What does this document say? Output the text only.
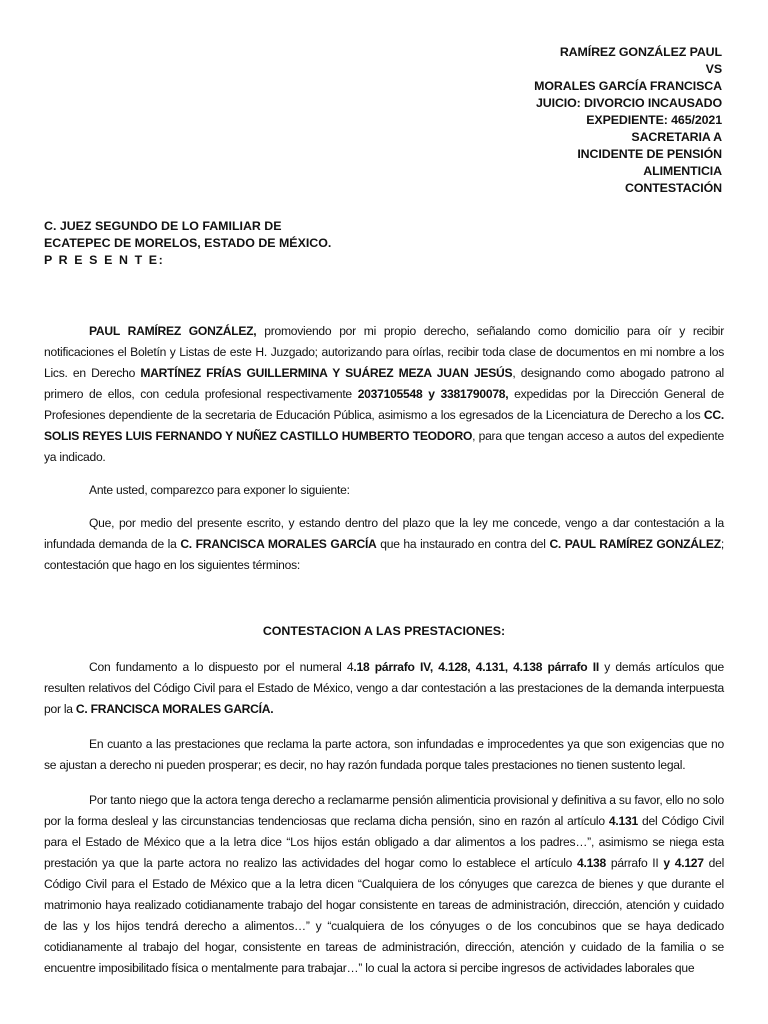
RAMÍREZ GONZÁLEZ PAUL
VS
MORALES GARCÍA FRANCISCA
JUICIO: DIVORCIO INCAUSADO
EXPEDIENTE: 465/2021
SACRETARIA A
INCIDENTE DE PENSIÓN
ALIMENTICIA
CONTESTACIÓN
C. JUEZ SEGUNDO DE LO FAMILIAR DE
ECATEPEC DE MORELOS, ESTADO DE MÉXICO.
P R E S E N T E:

PAUL RAMÍREZ GONZÁLEZ, promoviendo por mi propio derecho, señalando como domicilio para oír y recibir notificaciones el Boletín y Listas de este H. Juzgado; autorizando para oírlas, recibir toda clase de documentos en mi nombre a los Lics. en Derecho MARTÍNEZ FRÍAS GUILLERMINA Y SUÁREZ MEZA JUAN JESÚS, designando como abogado patrono al primero de ellos, con cedula profesional respectivamente 2037105548 y 3381790078, expedidas por la Dirección General de Profesiones dependiente de la secretaria de Educación Pública, asimismo a los egresados de la Licenciatura de Derecho a los CC. SOLIS REYES LUIS FERNANDO Y NUÑEZ CASTILLO HUMBERTO TEODORO, para que tengan acceso a autos del expediente ya indicado.

Ante usted, comparezco para exponer lo siguiente:

Que, por medio del presente escrito, y estando dentro del plazo que la ley me concede, vengo a dar contestación a la infundada demanda de la C. FRANCISCA MORALES GARCÍA que ha instaurado en contra del C. PAUL RAMÍREZ GONZÁLEZ; contestación que hago en los siguientes términos:

CONTESTACION A LAS PRESTACIONES:

Con fundamento a lo dispuesto por el numeral 4.18 párrafo IV, 4.128, 4.131, 4.138 párrafo II y demás artículos que resulten relativos del Código Civil para el Estado de México, vengo a dar contestación a las prestaciones de la demanda interpuesta por la C. FRANCISCA MORALES GARCÍA.

En cuanto a las prestaciones que reclama la parte actora, son infundadas e improcedentes ya que son exigencias que no se ajustan a derecho ni pueden prosperar; es decir, no hay razón fundada porque tales prestaciones no tienen sustento legal.

Por tanto niego que la actora tenga derecho a reclamarme pensión alimenticia provisional y definitiva a su favor, ello no solo por la forma desleal y las circunstancias tendenciosas que reclama dicha pensión, sino en razón al artículo 4.131 del Código Civil para el Estado de México que a la letra dice “Los hijos están obligado a dar alimentos a los padres…”, asimismo se niega esta prestación ya que la parte actora no realizo las actividades del hogar como lo establece el artículo 4.138 párrafo II y 4.127 del Código Civil para el Estado de México que a la letra dicen “Cualquiera de los cónyuges que carezca de bienes y que durante el matrimonio haya realizado cotidianamente trabajo del hogar consistente en tareas de administración, dirección, atención y cuidado de las y los hijos tendrá derecho a alimentos…” y “cualquiera de los cónyuges o de los concubinos que se haya dedicado cotidianamente al trabajo del hogar, consistente en tareas de administración, dirección, atención y cuidado de la familia o se encuentre imposibilitado física o mentalmente para trabajar…” lo cual la actora si percibe ingresos de actividades laborales que
